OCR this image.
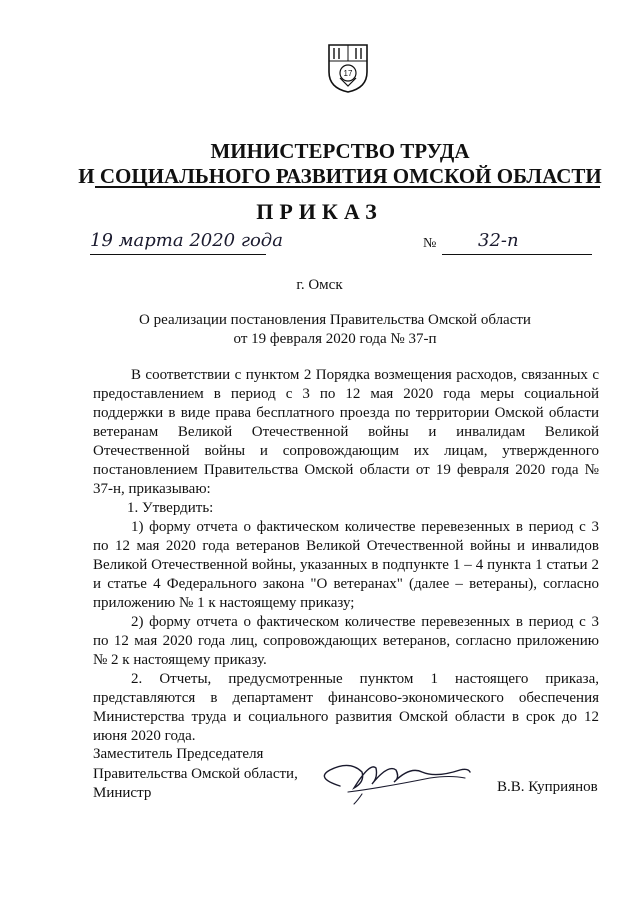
17
МИНИСТЕРСТВО ТРУДА
И СОЦИАЛЬНОГО РАЗВИТИЯ ОМСКОЙ ОБЛАСТИ
ПРИКАЗ
19 марта 2020 года	№ 32-п
г. Омск
О реализации постановления Правительства Омской области
от 19 февраля 2020 года № 37-п

В соответствии с пунктом 2 Порядка возмещения расходов, связанных с предоставлением в период с 3 по 12 мая 2020 года меры социальной поддержки в виде права бесплатного проезда по территории Омской области ветеранам Великой Отечественной войны и инвалидам Великой Отечественной войны и сопровождающим их лицам, утвержденного постановлением Правительства Омской области от 19 февраля 2020 года № 37-н, приказываю:

1. Утвердить:

1) форму отчета о фактическом количестве перевезенных в период с 3 по 12 мая 2020 года ветеранов Великой Отечественной войны и инвалидов Великой Отечественной войны, указанных в подпункте 1 – 4 пункта 1 статьи 2 и статье 4 Федерального закона "О ветеранах" (далее – ветераны), согласно приложению № 1 к настоящему приказу;

2) форму отчета о фактическом количестве перевезенных в период с 3 по 12 мая 2020 года лиц, сопровождающих ветеранов, согласно приложению № 2 к настоящему приказу.

2. Отчеты, предусмотренные пунктом 1 настоящего приказа, представляются в департамент финансово-экономического обеспечения Министерства труда и социального развития Омской области в срок до 12 июня 2020 года.

Заместитель Председателя
Правительства Омской области,
Министр	В.В. Куприянов
